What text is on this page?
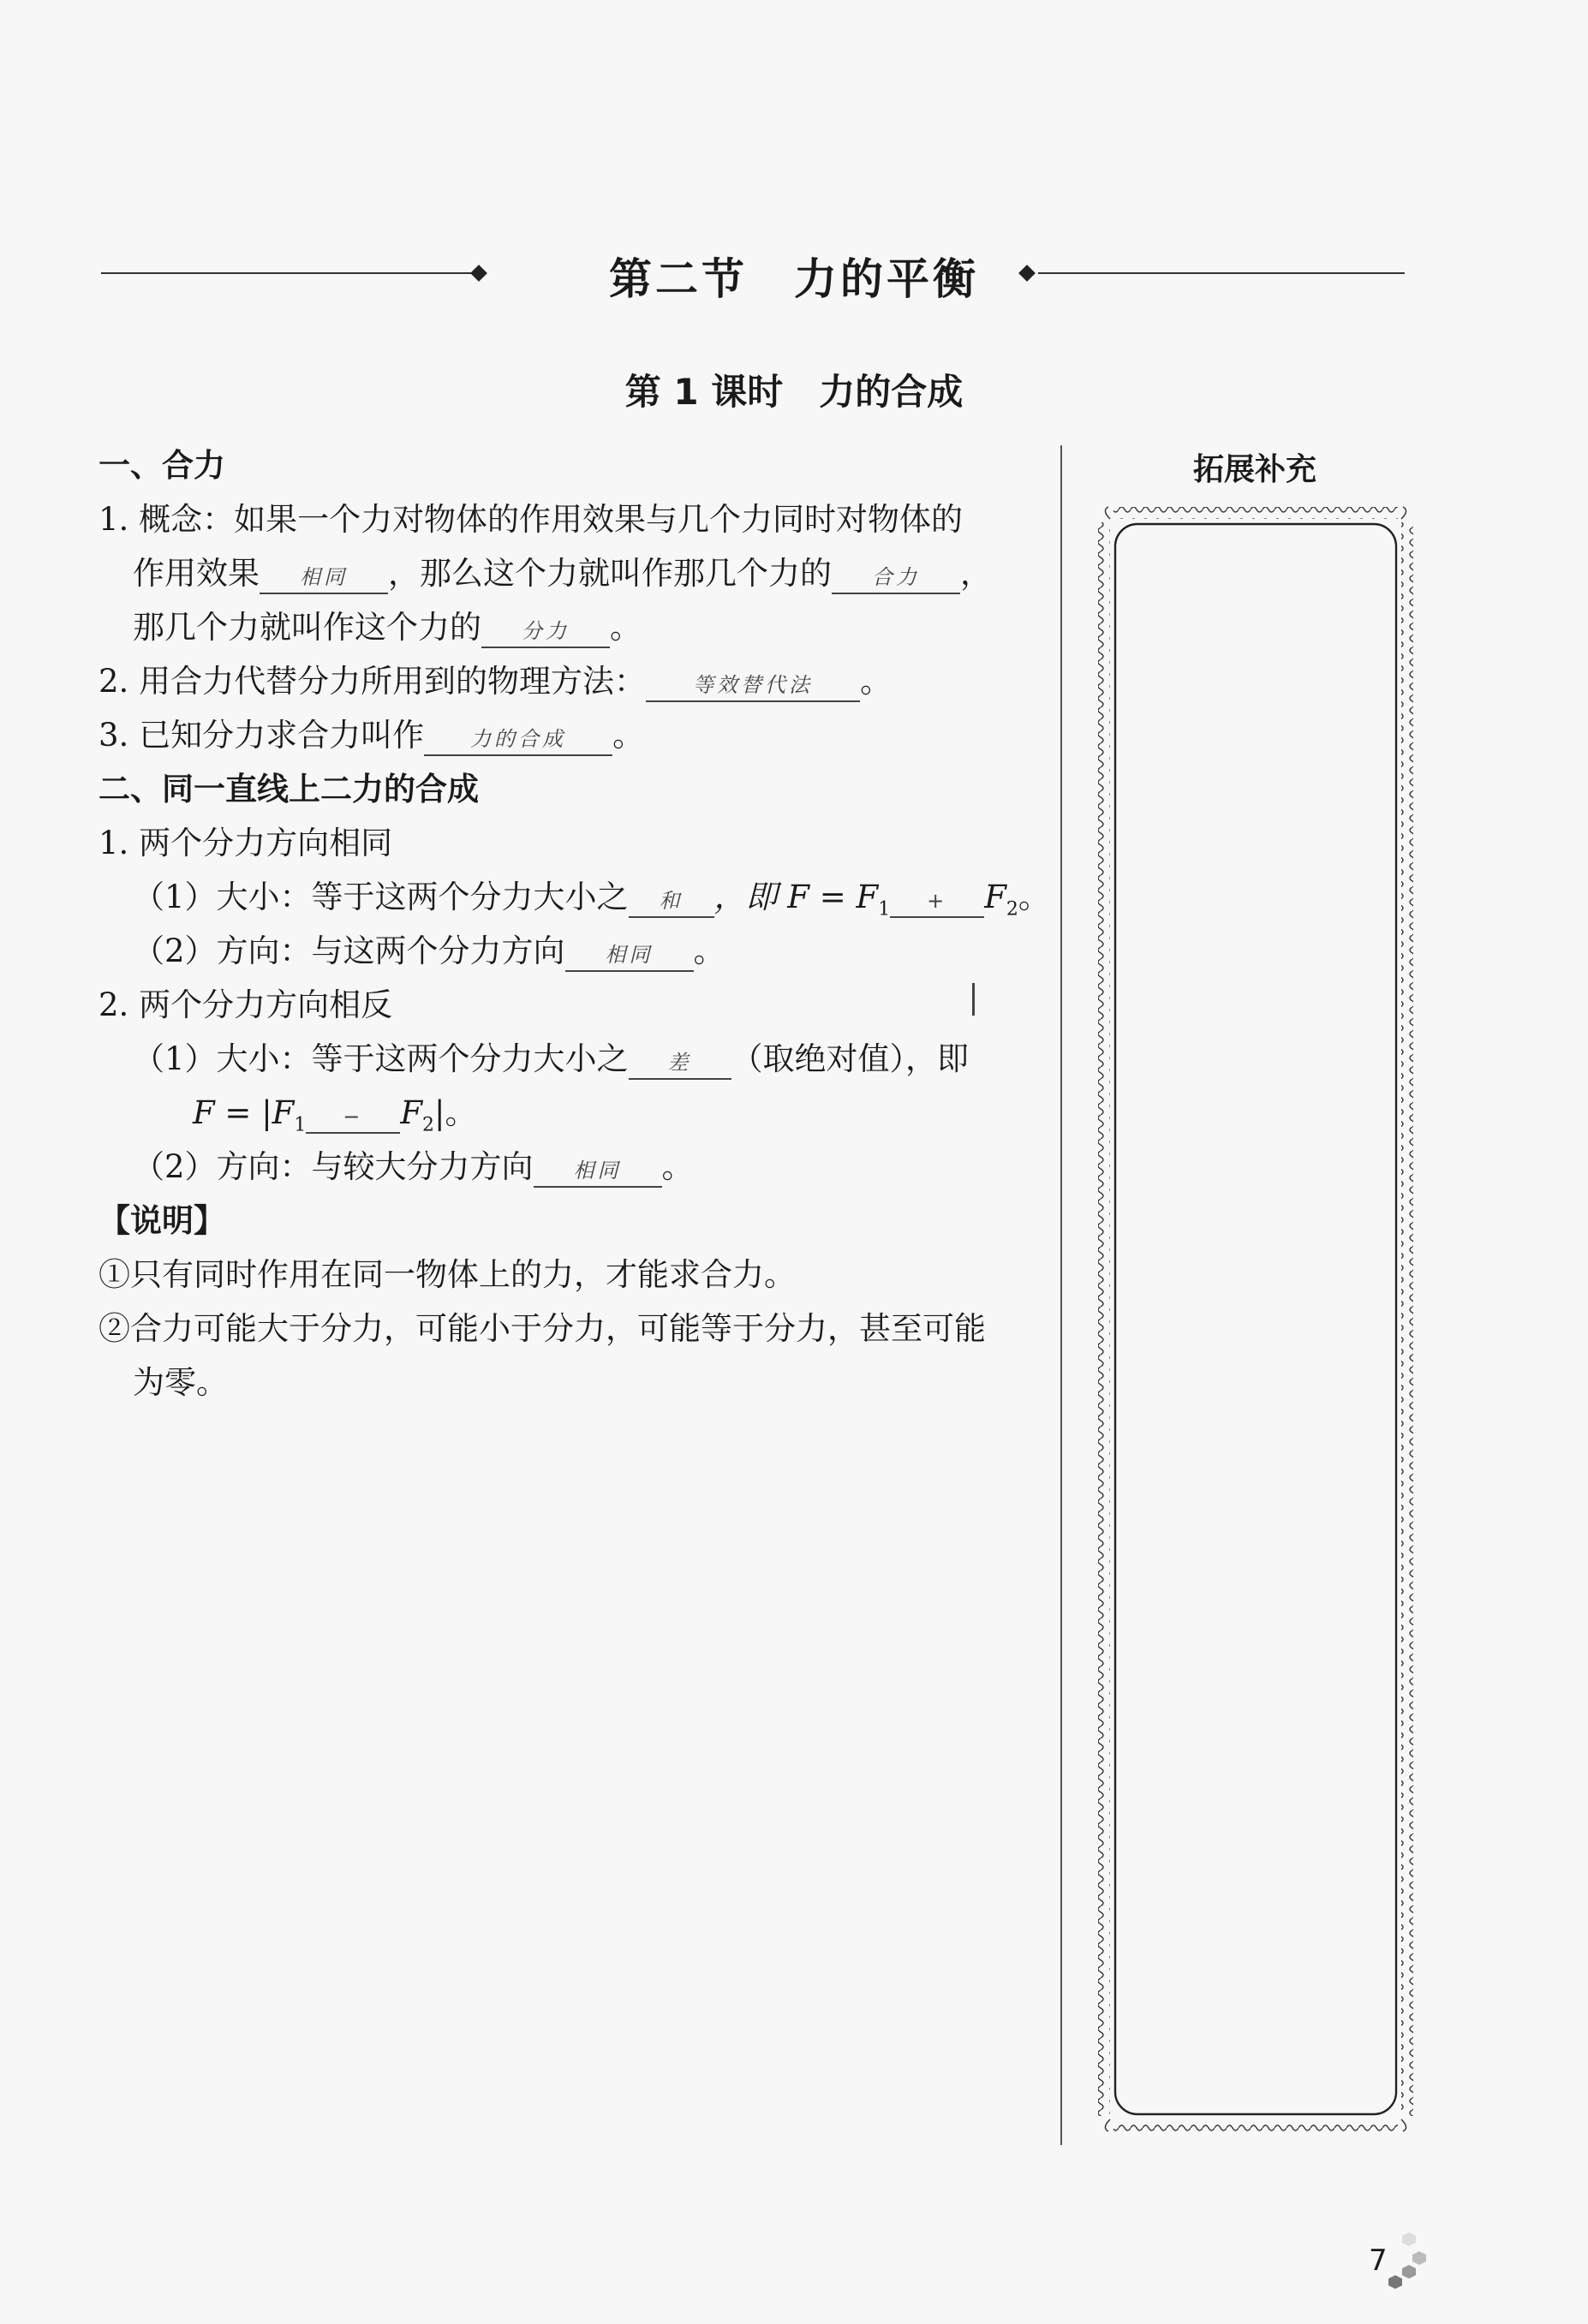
第二节　力的平衡
第 1 课时　力的合成
一、合力
1. 概念：如果一个力对物体的作用效果与几个力同时对物体的
作用效果 相同 ，那么这个力就叫作那几个力的 合力 ，
那几个力就叫作这个力的 分力 。
2. 用合力代替分力所用到的物理方法： 等效替代法 。
3. 已知分力求合力叫作 力的合成 。
二、同一直线上二力的合成
1. 两个分力方向相同
（1）大小：等于这两个分力大小之 和 ，即 $F = F_1 + F_2$。
（2）方向：与这两个分力方向 相同 。
2. 两个分力方向相反
（1）大小：等于这两个分力大小之 差 （取绝对值），即
$F = |F_1 - F_2|$。
（2）方向：与较大分力方向 相同 。
【说明】
①只有同时作用在同一物体上的力，才能求合力。
②合力可能大于分力，可能小于分力，可能等于分力，甚至可能
为零。
拓展补充
7
